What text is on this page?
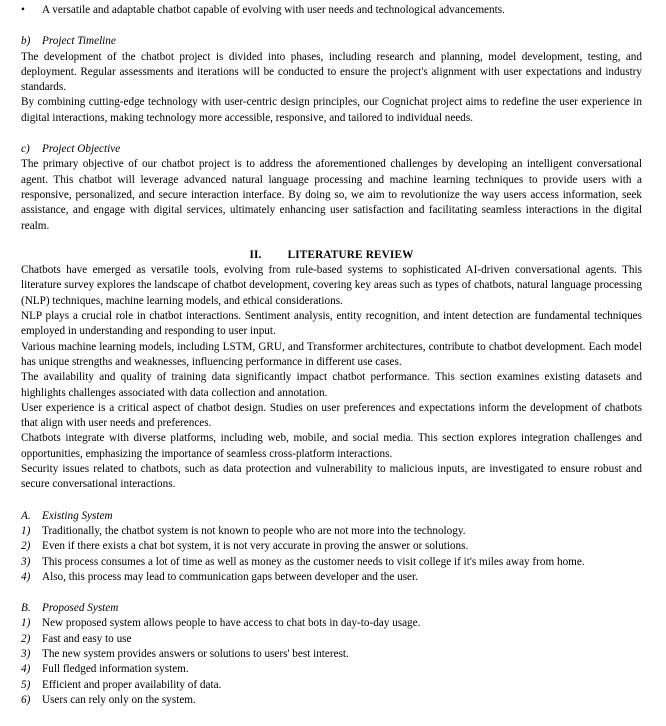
• A versatile and adaptable chatbot capable of evolving with user needs and technological advancements.
b) Project Timeline

The development of the chatbot project is divided into phases, including research and planning, model development, testing, and deployment. Regular assessments and iterations will be conducted to ensure the project's alignment with user expectations and industry standards.

By combining cutting-edge technology with user-centric design principles, our Cognichat project aims to redefine the user experience in digital interactions, making technology more accessible, responsive, and tailored to individual needs.

c) Project Objective

The primary objective of our chatbot project is to address the aforementioned challenges by developing an intelligent conversational agent. This chatbot will leverage advanced natural language processing and machine learning techniques to provide users with a responsive, personalized, and secure interaction interface. By doing so, we aim to revolutionize the way users access information, seek assistance, and engage with digital services, ultimately enhancing user satisfaction and facilitating seamless interactions in the digital realm.

II. LITERATURE REVIEW

Chatbots have emerged as versatile tools, evolving from rule-based systems to sophisticated AI-driven conversational agents. This literature survey explores the landscape of chatbot development, covering key areas such as types of chatbots, natural language processing (NLP) techniques, machine learning models, and ethical considerations.

NLP plays a crucial role in chatbot interactions. Sentiment analysis, entity recognition, and intent detection are fundamental techniques employed in understanding and responding to user input.

Various machine learning models, including LSTM, GRU, and Transformer architectures, contribute to chatbot development. Each model has unique strengths and weaknesses, influencing performance in different use cases.

The availability and quality of training data significantly impact chatbot performance. This section examines existing datasets and highlights challenges associated with data collection and annotation.

User experience is a critical aspect of chatbot design. Studies on user preferences and expectations inform the development of chatbots that align with user needs and preferences.

Chatbots integrate with diverse platforms, including web, mobile, and social media. This section explores integration challenges and opportunities, emphasizing the importance of seamless cross-platform interactions.

Security issues related to chatbots, such as data protection and vulnerability to malicious inputs, are investigated to ensure robust and secure conversational interactions.

A. Existing System
1) Traditionally, the chatbot system is not known to people who are not more into the technology.
2) Even if there exists a chat bot system, it is not very accurate in proving the answer or solutions.
3) This process consumes a lot of time as well as money as the customer needs to visit college if it's miles away from home.
4) Also, this process may lead to communication gaps between developer and the user.
B. Proposed System
1) New proposed system allows people to have access to chat bots in day-to-day usage.
2) Fast and easy to use
3) The new system provides answers or solutions to users' best interest.
4) Full fledged information system.
5) Efficient and proper availability of data.
6) Users can rely only on the system.
